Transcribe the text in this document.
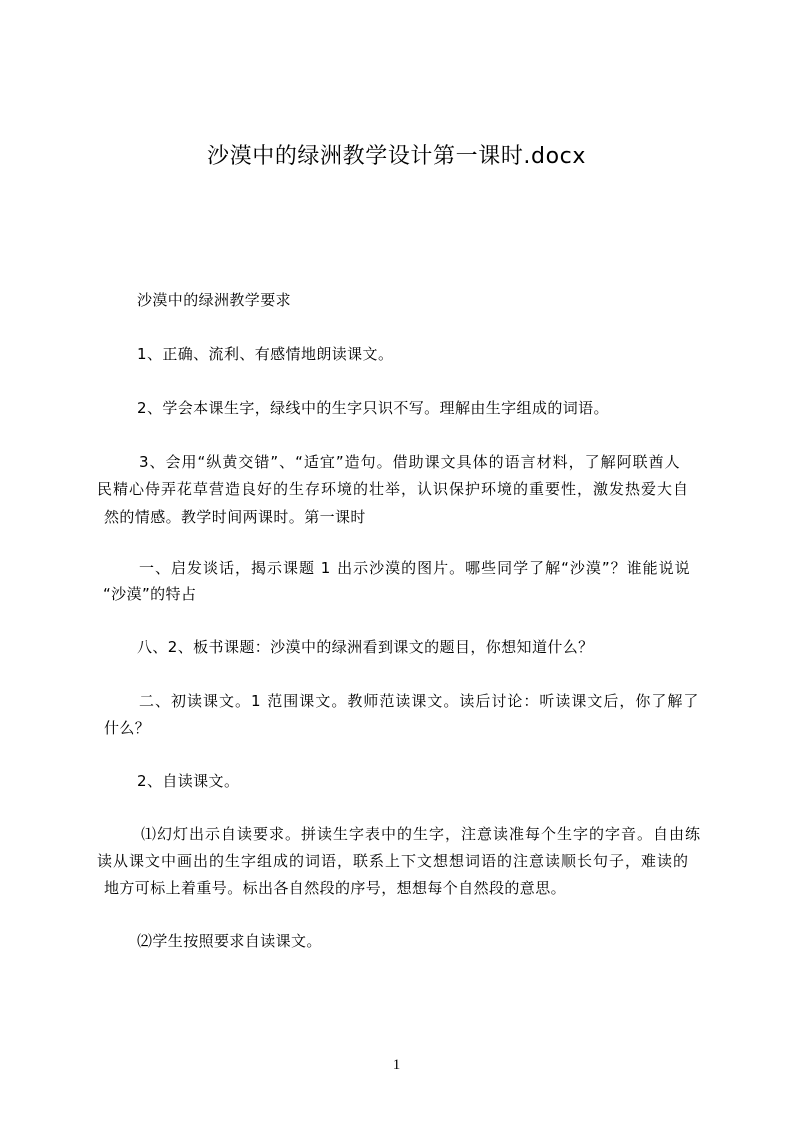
沙漠中的绿洲教学设计第一课时.docx
沙漠中的绿洲教学要求
1、正确、流利、有感情地朗读课文。
2、学会本课生字，绿线中的生字只识不写。理解由生字组成的词语。
3、会用“纵黄交错”、“适宜”造句。借助课文具体的语言材料，了解阿联酋人
民精心侍弄花草营造良好的生存环境的壮举，认识保护环境的重要性，激发热爱大自
然的情感。教学时间两课时。第一课时
一、启发谈话，揭示课题 1 出示沙漠的图片。哪些同学了解“沙漠”？谁能说说
“沙漠”的特占
八、2、板书课题：沙漠中的绿洲看到课文的题目，你想知道什么？
二、初读课文。1 范围课文。教师范读课文。读后讨论：听读课文后，你了解了
什么？
2、自读课文。
⑴幻灯出示自读要求。拼读生字表中的生字，注意读准每个生字的字音。自由练
读从课文中画出的生字组成的词语，联系上下文想想词语的注意读顺长句子，难读的
地方可标上着重号。标出各自然段的序号，想想每个自然段的意思。
⑵学生按照要求自读课文。
1
